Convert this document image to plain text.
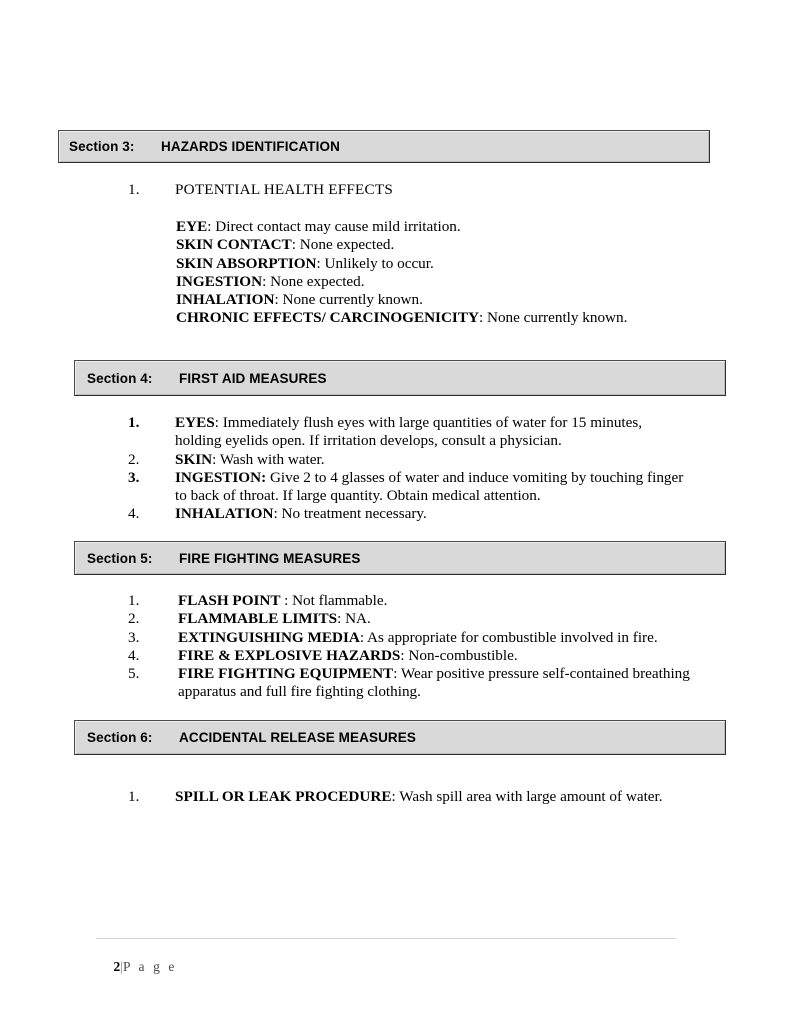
Section 3:	HAZARDS IDENTIFICATION
1.	POTENTIAL HEALTH EFFECTS
EYE: Direct contact may cause mild irritation.
SKIN CONTACT: None expected.
SKIN ABSORPTION: Unlikely to occur.
INGESTION: None expected.
INHALATION: None currently known.
CHRONIC EFFECTS/ CARCINOGENICITY: None currently known.
Section 4:	FIRST AID MEASURES
1.	EYES: Immediately flush eyes with large quantities of water for 15 minutes, holding eyelids open. If irritation develops, consult a physician.
2.	SKIN: Wash with water.
3.	INGESTION: Give 2 to 4 glasses of water and induce vomiting by touching finger to back of throat. If large quantity. Obtain medical attention.
4.	INHALATION: No treatment necessary.
Section 5:	FIRE FIGHTING MEASURES
1.	FLASH POINT : Not flammable.
2.	FLAMMABLE LIMITS: NA.
3.	EXTINGUISHING MEDIA: As appropriate for combustible involved in fire.
4.	FIRE & EXPLOSIVE HAZARDS: Non-combustible.
5.	FIRE FIGHTING EQUIPMENT: Wear positive pressure self-contained breathing apparatus and full fire fighting clothing.
Section 6:	ACCIDENTAL RELEASE MEASURES
1.	SPILL OR LEAK PROCEDURE: Wash spill area with large amount of water.

2|P a g e
